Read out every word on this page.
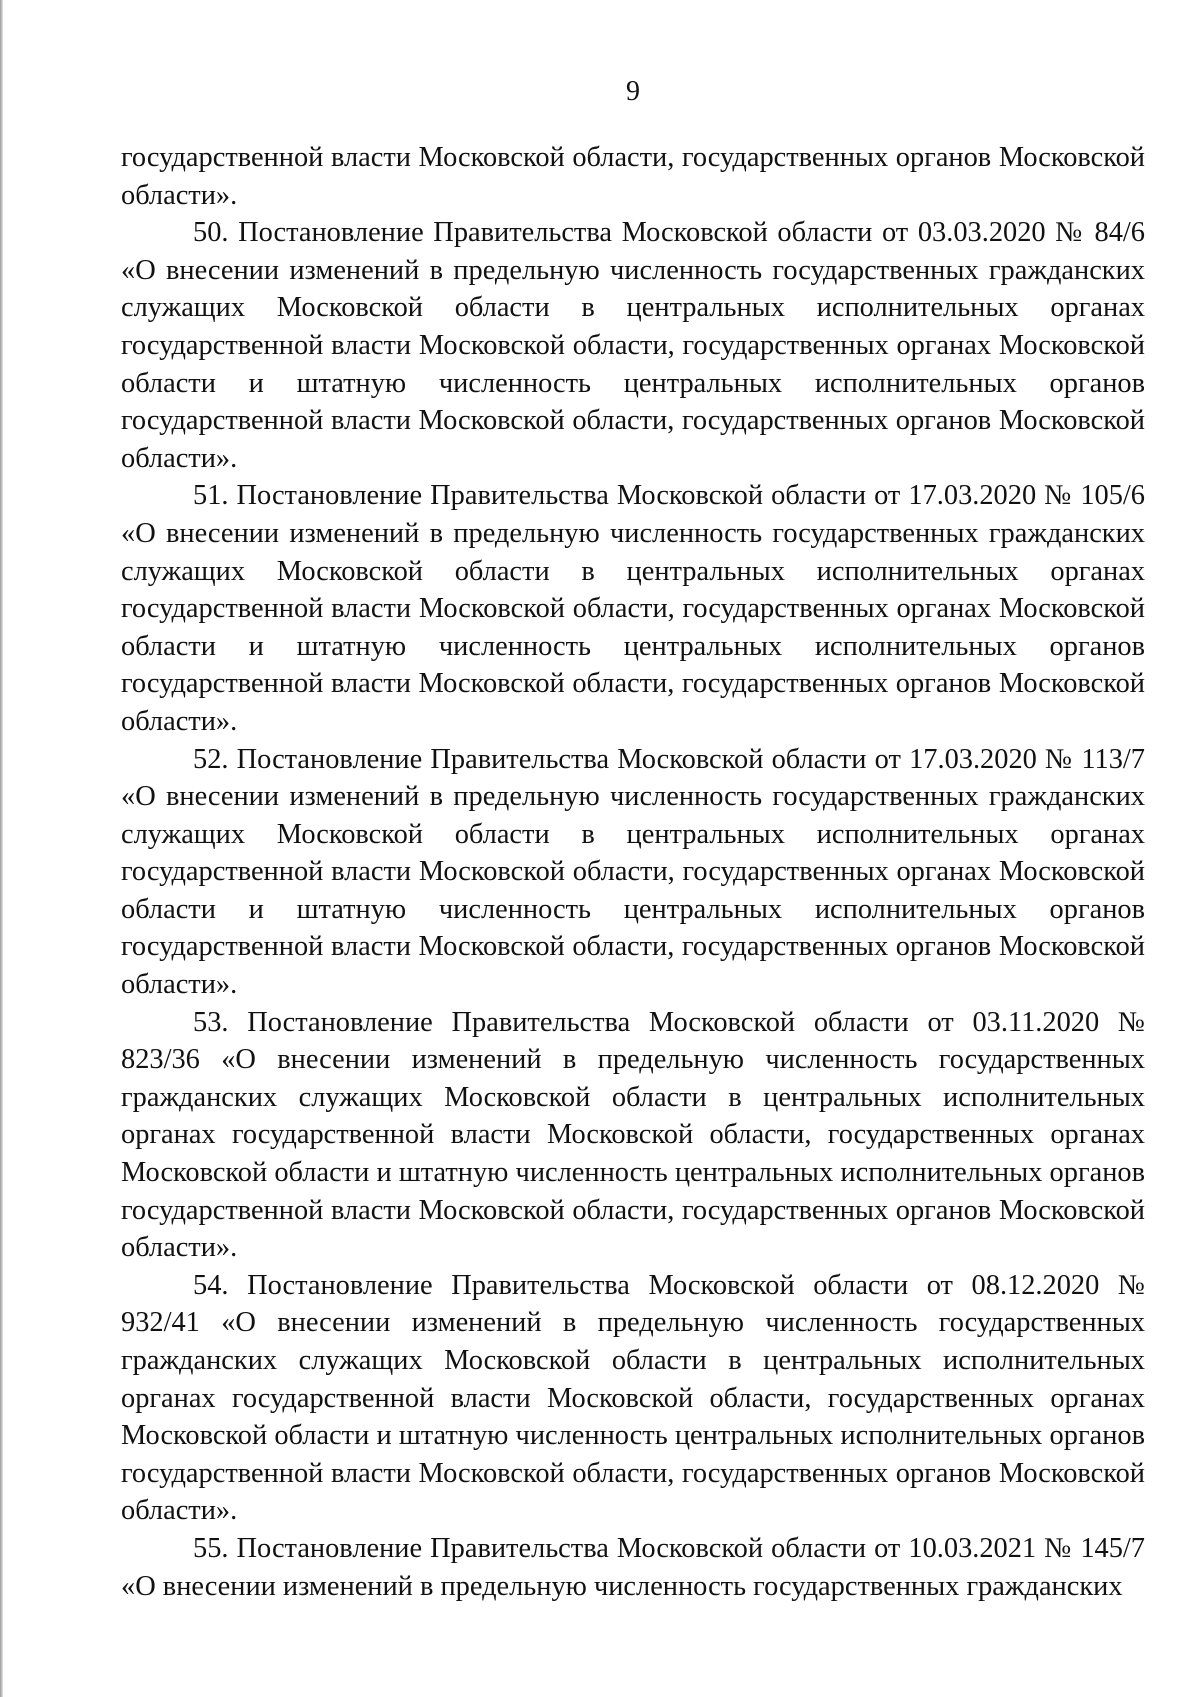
9

государственной власти Московской области, государственных органов Московской области».

50. Постановление Правительства Московской области от 03.03.2020 № 84/6 «О внесении изменений в предельную численность государственных гражданских служащих Московской области в центральных исполнительных органах государственной власти Московской области, государственных органах Московской области и штатную численность центральных исполнительных органов государственной власти Московской области, государственных органов Московской области».

51. Постановление Правительства Московской области от 17.03.2020 № 105/6 «О внесении изменений в предельную численность государственных гражданских служащих Московской области в центральных исполнительных органах государственной власти Московской области, государственных органах Московской области и штатную численность центральных исполнительных органов государственной власти Московской области, государственных органов Московской области».

52. Постановление Правительства Московской области от 17.03.2020 № 113/7 «О внесении изменений в предельную численность государственных гражданских служащих Московской области в центральных исполнительных органах государственной власти Московской области, государственных органах Московской области и штатную численность центральных исполнительных органов государственной власти Московской области, государственных органов Московской области».

53. Постановление Правительства Московской области от 03.11.2020 № 823/36 «О внесении изменений в предельную численность государственных гражданских служащих Московской области в центральных исполнительных органах государственной власти Московской области, государственных органах Московской области и штатную численность центральных исполнительных органов государственной власти Московской области, государственных органов Московской области».

54. Постановление Правительства Московской области от 08.12.2020 № 932/41 «О внесении изменений в предельную численность государственных гражданских служащих Московской области в центральных исполнительных органах государственной власти Московской области, государственных органах Московской области и штатную численность центральных исполнительных органов государственной власти Московской области, государственных органов Московской области».

55. Постановление Правительства Московской области от 10.03.2021 № 145/7 «О внесении изменений в предельную численность государственных гражданских
